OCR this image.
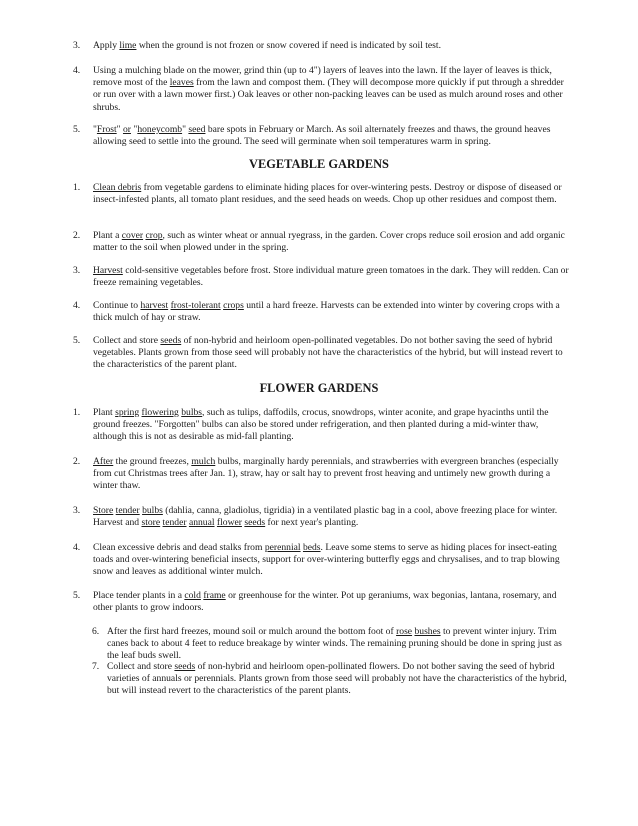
3. Apply lime when the ground is not frozen or snow covered if need is indicated by soil test.
4. Using a mulching blade on the mower, grind thin (up to 4") layers of leaves into the lawn. If the layer of leaves is thick, remove most of the leaves from the lawn and compost them. (They will decompose more quickly if put through a shredder or run over with a lawn mower first.) Oak leaves or other non-packing leaves can be used as mulch around roses and other shrubs.
5. "Frost" or "honeycomb" seed bare spots in February or March. As soil alternately freezes and thaws, the ground heaves allowing seed to settle into the ground. The seed will germinate when soil temperatures warm in spring.
VEGETABLE GARDENS
1. Clean debris from vegetable gardens to eliminate hiding places for over-wintering pests. Destroy or dispose of diseased or insect-infested plants, all tomato plant residues, and the seed heads on weeds. Chop up other residues and compost them.
2. Plant a cover crop, such as winter wheat or annual ryegrass, in the garden. Cover crops reduce soil erosion and add organic matter to the soil when plowed under in the spring.
3. Harvest cold-sensitive vegetables before frost. Store individual mature green tomatoes in the dark. They will redden. Can or freeze remaining vegetables.
4. Continue to harvest frost-tolerant crops until a hard freeze. Harvests can be extended into winter by covering crops with a thick mulch of hay or straw.
5. Collect and store seeds of non-hybrid and heirloom open-pollinated vegetables. Do not bother saving the seed of hybrid vegetables. Plants grown from those seed will probably not have the characteristics of the hybrid, but will instead revert to the characteristics of the parent plant.
FLOWER GARDENS
1. Plant spring flowering bulbs, such as tulips, daffodils, crocus, snowdrops, winter aconite, and grape hyacinths until the ground freezes. "Forgotten" bulbs can also be stored under refrigeration, and then planted during a mid-winter thaw, although this is not as desirable as mid-fall planting.
2. After the ground freezes, mulch bulbs, marginally hardy perennials, and strawberries with evergreen branches (especially from cut Christmas trees after Jan. 1), straw, hay or salt hay to prevent frost heaving and untimely new growth during a winter thaw.
3. Store tender bulbs (dahlia, canna, gladiolus, tigridia) in a ventilated plastic bag in a cool, above freezing place for winter. Harvest and store tender annual flower seeds for next year's planting.
4. Clean excessive debris and dead stalks from perennial beds. Leave some stems to serve as hiding places for insect-eating toads and over-wintering beneficial insects, support for over-wintering butterfly eggs and chrysalises, and to trap blowing snow and leaves as additional winter mulch.
5. Place tender plants in a cold frame or greenhouse for the winter. Pot up geraniums, wax begonias, lantana, rosemary, and other plants to grow indoors.
6. After the first hard freezes, mound soil or mulch around the bottom foot of rose bushes to prevent winter injury. Trim canes back to about 4 feet to reduce breakage by winter winds. The remaining pruning should be done in spring just as the leaf buds swell.
7. Collect and store seeds of non-hybrid and heirloom open-pollinated flowers. Do not bother saving the seed of hybrid varieties of annuals or perennials. Plants grown from those seed will probably not have the characteristics of the hybrid, but will instead revert to the characteristics of the parent plants.
